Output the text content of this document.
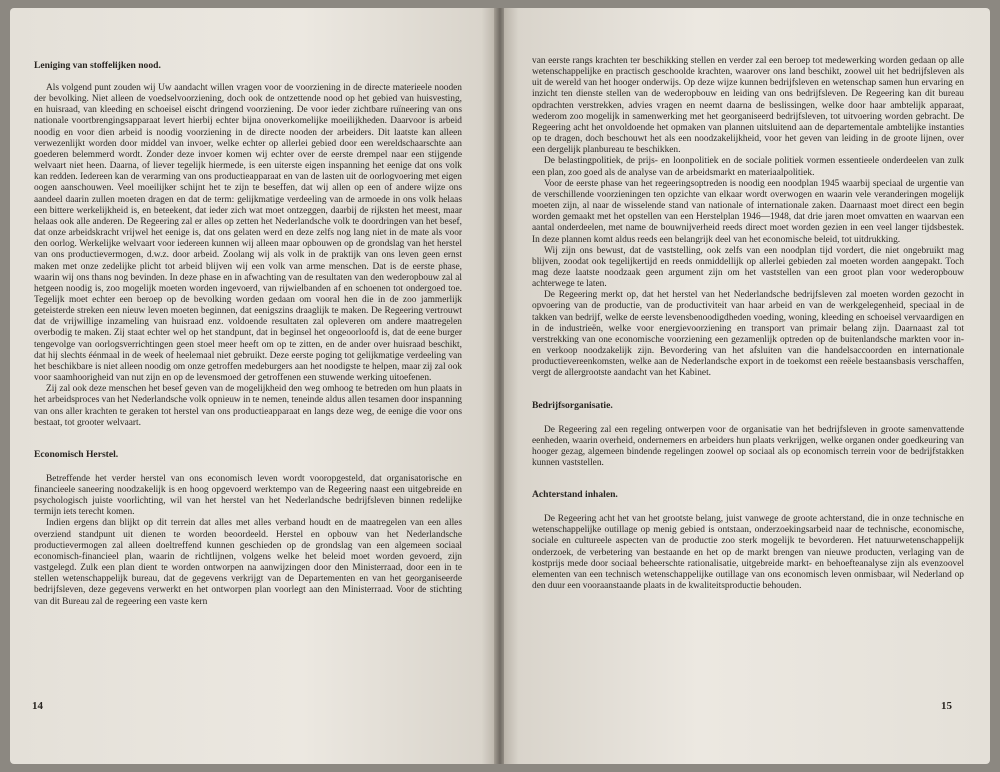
Leniging van stoffelijken nood.

Als volgend punt zouden wij Uw aandacht willen vragen voor de voorziening in de directe materieele nooden der bevolking. Niet alleen de voedselvoorziening, doch ook de ontzettende nood op het gebied van huisvesting, en huisraad, van kleeding en schoeisel eischt dringend voorziening. De voor ieder zichtbare ruïneering van ons nationale voortbrengingsapparaat levert hierbij echter bijna onoverkomelijke moeilijkheden. Daarvoor is arbeid noodig en voor dien arbeid is noodig voorziening in de directe nooden der arbeiders. Dit laatste kan alleen verwezenlijkt worden door middel van invoer, welke echter op allerlei gebied door een wereldschaarschte aan goederen belemmerd wordt. Zonder deze invoer komen wij echter over de eerste drempel naar een stijgende welvaart niet heen. Daarna, of liever tegelijk hiermede, is een uiterste eigen inspanning het eenige dat ons volk kan redden. Iedereen kan de verarming van ons productieapparaat en van de lasten uit de oorlogvoering met eigen oogen aanschouwen. Veel moeilijker schijnt het te zijn te beseffen, dat wij allen op een of andere wijze ons aandeel daarin zullen moeten dragen en dat de term: gelijkmatige verdeeling van de armoede in ons volk helaas een bittere werkelijkheid is, en beteekent, dat ieder zich wat moet ontzeggen, daarbij de rijksten het meest, maar helaas ook alle anderen. De Regeering zal er alles op zetten het Nederlandsche volk te doordringen van het besef, dat onze arbeidskracht vrijwel het eenige is, dat ons gelaten werd en deze zelfs nog lang niet in de mate als voor den oorlog. Werkelijke welvaart voor iedereen kunnen wij alleen maar opbouwen op de grondslag van het herstel van ons productievermogen, d.w.z. door arbeid. Zoolang wij als volk in de praktijk van ons leven geen ernst maken met onze zedelijke plicht tot arbeid blijven wij een volk van arme menschen. Dat is de eerste phase, waarin wij ons thans nog bevinden. In deze phase en in afwachting van de resultaten van den wederopbouw zal al hetgeen noodig is, zoo mogelijk moeten worden ingevoerd, van rijwielbanden af en schoenen tot ondergoed toe. Tegelijk moet echter een beroep op de bevolking worden gedaan om vooral hen die in de zoo jammerlijk geteisterde streken een nieuw leven moeten beginnen, dat eenigszins draaglijk te maken. De Regeering vertrouwt dat de vrijwillige inzameling van huisraad enz. voldoende resultaten zal opleveren om andere maatregelen overbodig te maken. Zij staat echter wel op het standpunt, dat in beginsel het ongeoorloofd is, dat de eene burger tengevolge van oorlogsverrichtingen geen stoel meer heeft om op te zitten, en de ander over huisraad beschikt, dat hij slechts éénmaal in de week of heelemaal niet gebruikt. Deze eerste poging tot gelijkmatige verdeeling van het beschikbare is niet alleen noodig om onze getroffen medeburgers aan het noodigste te helpen, maar zij zal ook voor saamhoorigheid van nut zijn en op de levensmoed der getroffenen een stuwende werking uitoefenen.

Zij zal ook deze menschen het besef geven van de mogelijkheid den weg omhoog te betreden om hun plaats in het arbeidsproces van het Nederlandsche volk opnieuw in te nemen, teneinde aldus allen tesamen door inspanning van ons aller krachten te geraken tot herstel van ons productieapparaat en langs deze weg, de eenige die voor ons bestaat, tot grooter welvaart.

Economisch Herstel.

Betreffende het verder herstel van ons economisch leven wordt vooropgesteld, dat organisatorische en financieele saneering noodzakelijk is en hoog opgevoerd werktempo van de Regeering naast een uitgebreide en psychologisch juiste voorlichting, wil van het herstel van het Nederlandsche bedrijfsleven binnen redelijke termijn iets terecht komen.

Indien ergens dan blijkt op dit terrein dat alles met alles verband houdt en de maatregelen van een alles overziend standpunt uit dienen te worden beoordeeld. Herstel en opbouw van het Nederlandsche productievermogen zal alleen doeltreffend kunnen geschieden op de grondslag van een algemeen sociaal economisch-financieel plan, waarin de richtlijnen, volgens welke het beleid moet worden gevoerd, zijn vastgelegd. Zulk een plan dient te worden ontworpen na aanwijzingen door den Ministerraad, door een in te stellen wetenschappelijk bureau, dat de gegevens verkrijgt van de Departementen en van het georganiseerde bedrijfsleven, deze gegevens verwerkt en het ontworpen plan voorlegt aan den Ministerraad. Voor de stichting van dit Bureau zal de regeering een vaste kern

14

van eerste rangs krachten ter beschikking stellen en verder zal een beroep tot medewerking worden gedaan op alle wetenschappelijke en practisch geschoolde krachten, waarover ons land beschikt, zoowel uit het bedrijfsleven als uit de wereld van het hooger onderwijs. Op deze wijze kunnen bedrijfsleven en wetenschap samen hun ervaring en inzicht ten dienste stellen van de wederopbouw en leiding van ons bedrijfsleven. De Regeering kan dit bureau opdrachten verstrekken, advies vragen en neemt daarna de beslissingen, welke door haar ambtelijk apparaat, wederom zoo mogelijk in samenwerking met het georganiseerd bedrijfsleven, tot uitvoering worden gebracht. De Regeering acht het onvoldoende het opmaken van plannen uitsluitend aan de departementale ambtelijke instanties op te dragen, doch beschouwt het als een noodzakelijkheid, voor het geven van leiding in de groote lijnen, over een dergelijk planbureau te beschikken.

De belastingpolitiek, de prijs- en loonpolitiek en de sociale politiek vormen essentieele onderdeelen van zulk een plan, zoo goed als de analyse van de arbeidsmarkt en materiaalpolitiek.

Voor de eerste phase van het regeeringsoptreden is noodig een noodplan 1945 waarbij speciaal de urgentie van de verschillende voorzieningen ten opzichte van elkaar wordt overwogen en waarin vele veranderingen mogelijk moeten zijn, al naar de wisselende stand van nationale of internationale zaken. Daarnaast moet direct een begin worden gemaakt met het opstellen van een Herstelplan 1946—1948, dat drie jaren moet omvatten en waarvan een aantal onderdeelen, met name de bouwnijverheid reeds direct moet worden gezien in een veel langer tijdsbestek. In deze plannen komt aldus reeds een belangrijk deel van het economische beleid, tot uitdrukking.

Wij zijn ons bewust, dat de vaststelling, ook zelfs van een noodplan tijd vordert, die niet ongebruikt mag blijven, zoodat ook tegelijkertijd en reeds onmiddellijk op allerlei gebieden zal moeten worden aangepakt. Toch mag deze laatste noodzaak geen argument zijn om het vaststellen van een groot plan voor wederopbouw achterwege te laten.

De Regeering merkt op, dat het herstel van het Nederlandsche bedrijfsleven zal moeten worden gezocht in opvoering van de productie, van de productiviteit van haar arbeid en van de werkgelegenheid, speciaal in de takken van bedrijf, welke de eerste levensbenoodigdheden voeding, woning, kleeding en schoeisel vervaardigen en in de industrieën, welke voor energievoorziening en transport van primair belang zijn. Daarnaast zal tot verstrekking van one economische voorziening een gezamenlijk optreden op de buitenlandsche markten voor in- en verkoop noodzakelijk zijn. Bevordering van het afsluiten van die handelsaccoorden en internationale productievereenkomsten, welke aan de Nederlandsche export in de toekomst een reëele bestaansbasis verschaffen, vergt de allergrootste aandacht van het Kabinet.

Bedrijfsorganisatie.

De Regeering zal een regeling ontwerpen voor de organisatie van het bedrijfsleven in groote samenvattende eenheden, waarin overheid, ondernemers en arbeiders hun plaats verkrijgen, welke organen onder goedkeuring van hooger gezag, algemeen bindende regelingen zoowel op sociaal als op economisch terrein voor de bedrijfstakken kunnen vaststellen.

Achterstand inhalen.

De Regeering acht het van het grootste belang, juist vanwege de groote achterstand, die in onze technische en wetenschappelijke outillage op menig gebied is ontstaan, onderzoekingsarbeid naar de technische, economische, sociale en cultureele aspecten van de productie zoo sterk mogelijk te bevorderen. Het natuurwetenschappelijk onderzoek, de verbetering van bestaande en het op de markt brengen van nieuwe producten, verlaging van de kostprijs mede door sociaal beheerschte rationalisatie, uitgebreide markt- en behoefteanalyse zijn als evenzoovel elementen van een technisch wetenschappelijke outillage van ons economisch leven onmisbaar, wil Nederland op den duur een vooraanstaande plaats in de kwaliteitsproductie behouden.

15
